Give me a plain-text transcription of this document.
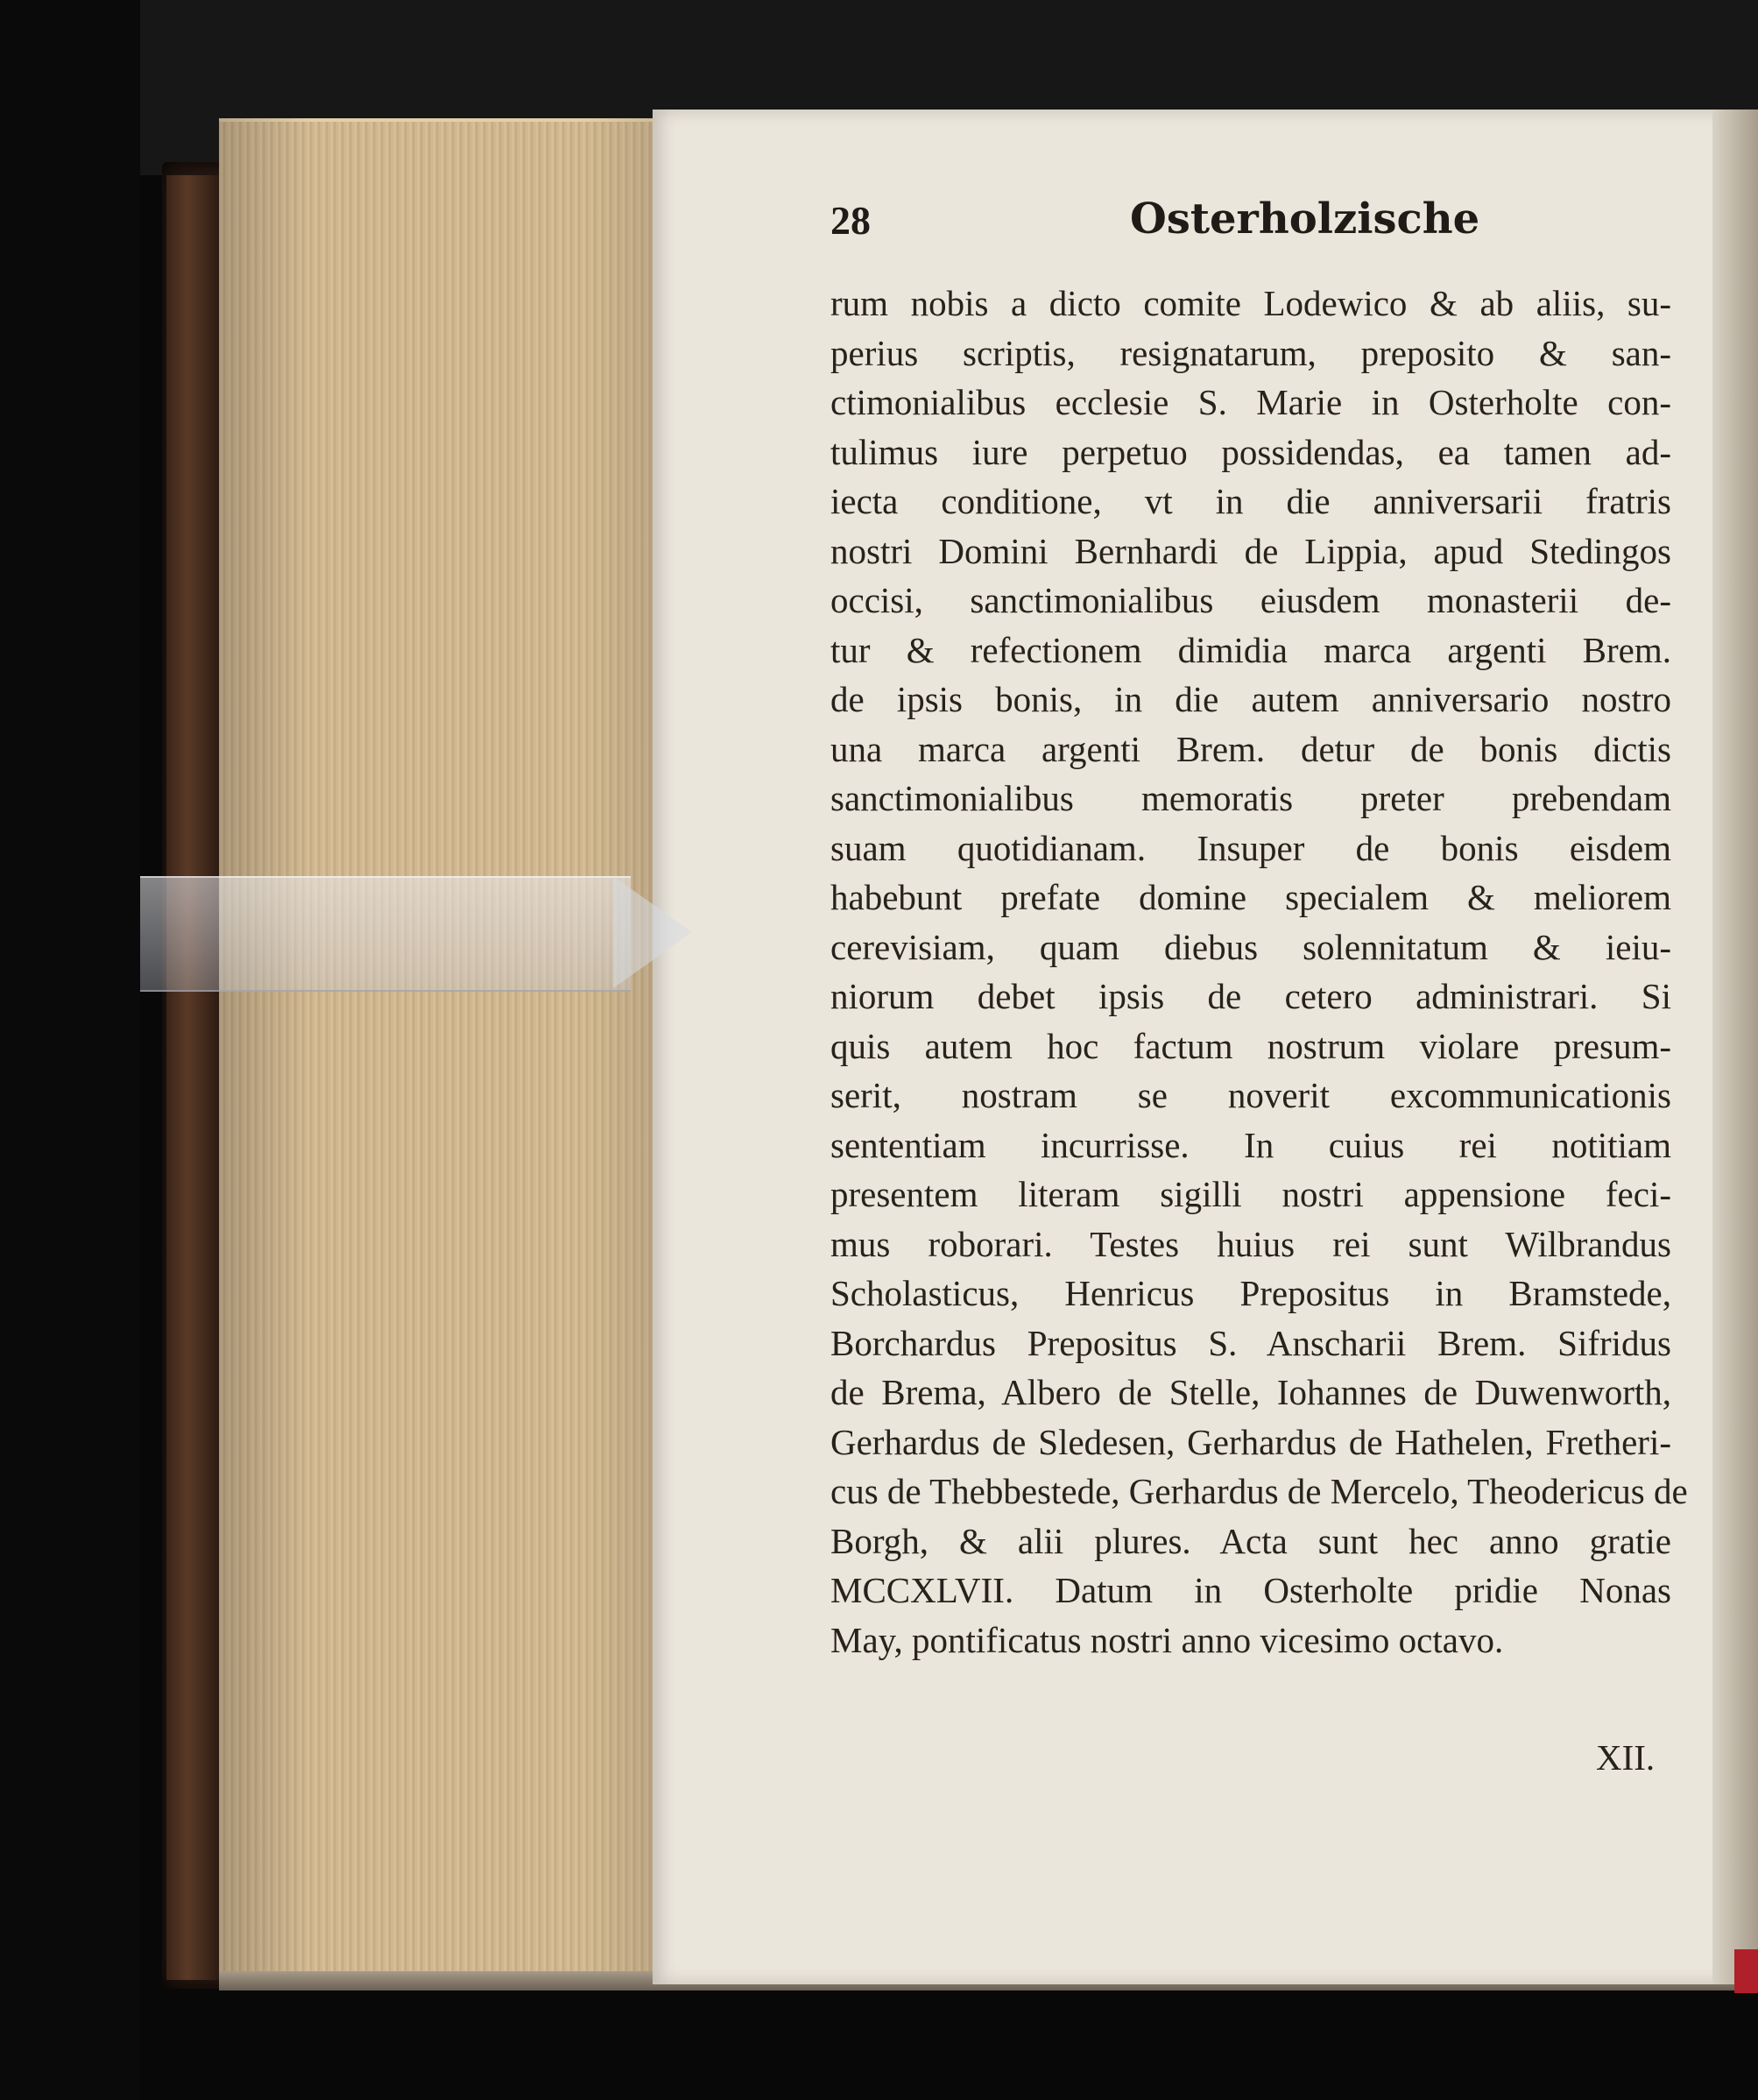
28	Osterholzische
rum nobis a dicto comite Lodewico & ab aliis, su-
perius scriptis, resignatarum, preposito & san-
ctimonialibus ecclesie S. Marie in Osterholte con-
tulimus iure perpetuo possidendas, ea tamen ad-
iecta conditione, vt in die anniversarii fratris
nostri Domini Bernhardi de Lippia, apud Stedingos
occisi, sanctimonialibus eiusdem monasterii de-
tur & refectionem dimidia marca argenti Brem.
de ipsis bonis, in die autem anniversario nostro
una marca argenti Brem. detur de bonis dictis
sanctimonialibus memoratis preter prebendam
suam quotidianam. Insuper de bonis eisdem
habebunt prefate domine specialem & meliorem
cerevisiam, quam diebus solennitatum & ieiu-
niorum debet ipsis de cetero administrari. Si
quis autem hoc factum nostrum violare presum-
serit, nostram se noverit excommunicationis
sententiam incurrisse. In cuius rei notitiam
presentem literam sigilli nostri appensione feci-
mus roborari. Testes huius rei sunt Wilbrandus
Scholasticus, Henricus Prepositus in Bramstede,
Borchardus Prepositus S. Anscharii Brem. Sifridus
de Brema, Albero de Stelle, Iohannes de Duwenworth,
Gerhardus de Sledesen, Gerhardus de Hathelen, Fretheri-
cus de Thebbestede, Gerhardus de Mercelo, Theodericus de
Borgh, & alii plures. Acta sunt hec anno gratie
MCCXLVII. Datum in Osterholte pridie Nonas
May, pontificatus nostri anno vicesimo octavo.
XII.
